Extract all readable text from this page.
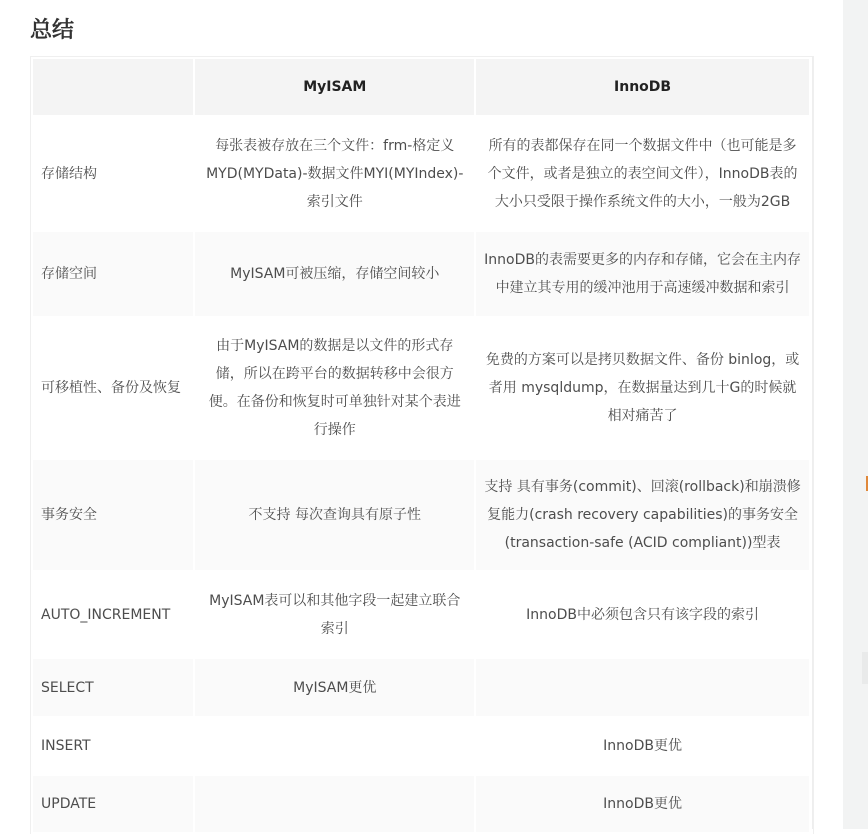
总结
	MyISAM	InnoDB
存储结构	每张表被存放在三个文件：frm-格定义MYD(MYData)-数据文件MYI(MYIndex)-索引文件	所有的表都保存在同一个数据文件中（也可能是多个文件，或者是独立的表空间文件），InnoDB表的大小只受限于操作系统文件的大小，一般为2GB
存储空间	MyISAM可被压缩，存储空间较小	InnoDB的表需要更多的内存和存储，它会在主内存中建立其专用的缓冲池用于高速缓冲数据和索引
可移植性、备份及恢复	由于MyISAM的数据是以文件的形式存储，所以在跨平台的数据转移中会很方便。在备份和恢复时可单独针对某个表进行操作	免费的方案可以是拷贝数据文件、备份 binlog，或者用 mysqldump，在数据量达到几十G的时候就相对痛苦了
事务安全	不支持 每次查询具有原子性	支持 具有事务(commit)、回滚(rollback)和崩溃修复能力(crash recovery capabilities)的事务安全(transaction-safe (ACID compliant))型表
AUTO_INCREMENT	MyISAM表可以和其他字段一起建立联合索引	InnoDB中必须包含只有该字段的索引
SELECT	MyISAM更优	
INSERT		InnoDB更优
UPDATE		InnoDB更优
